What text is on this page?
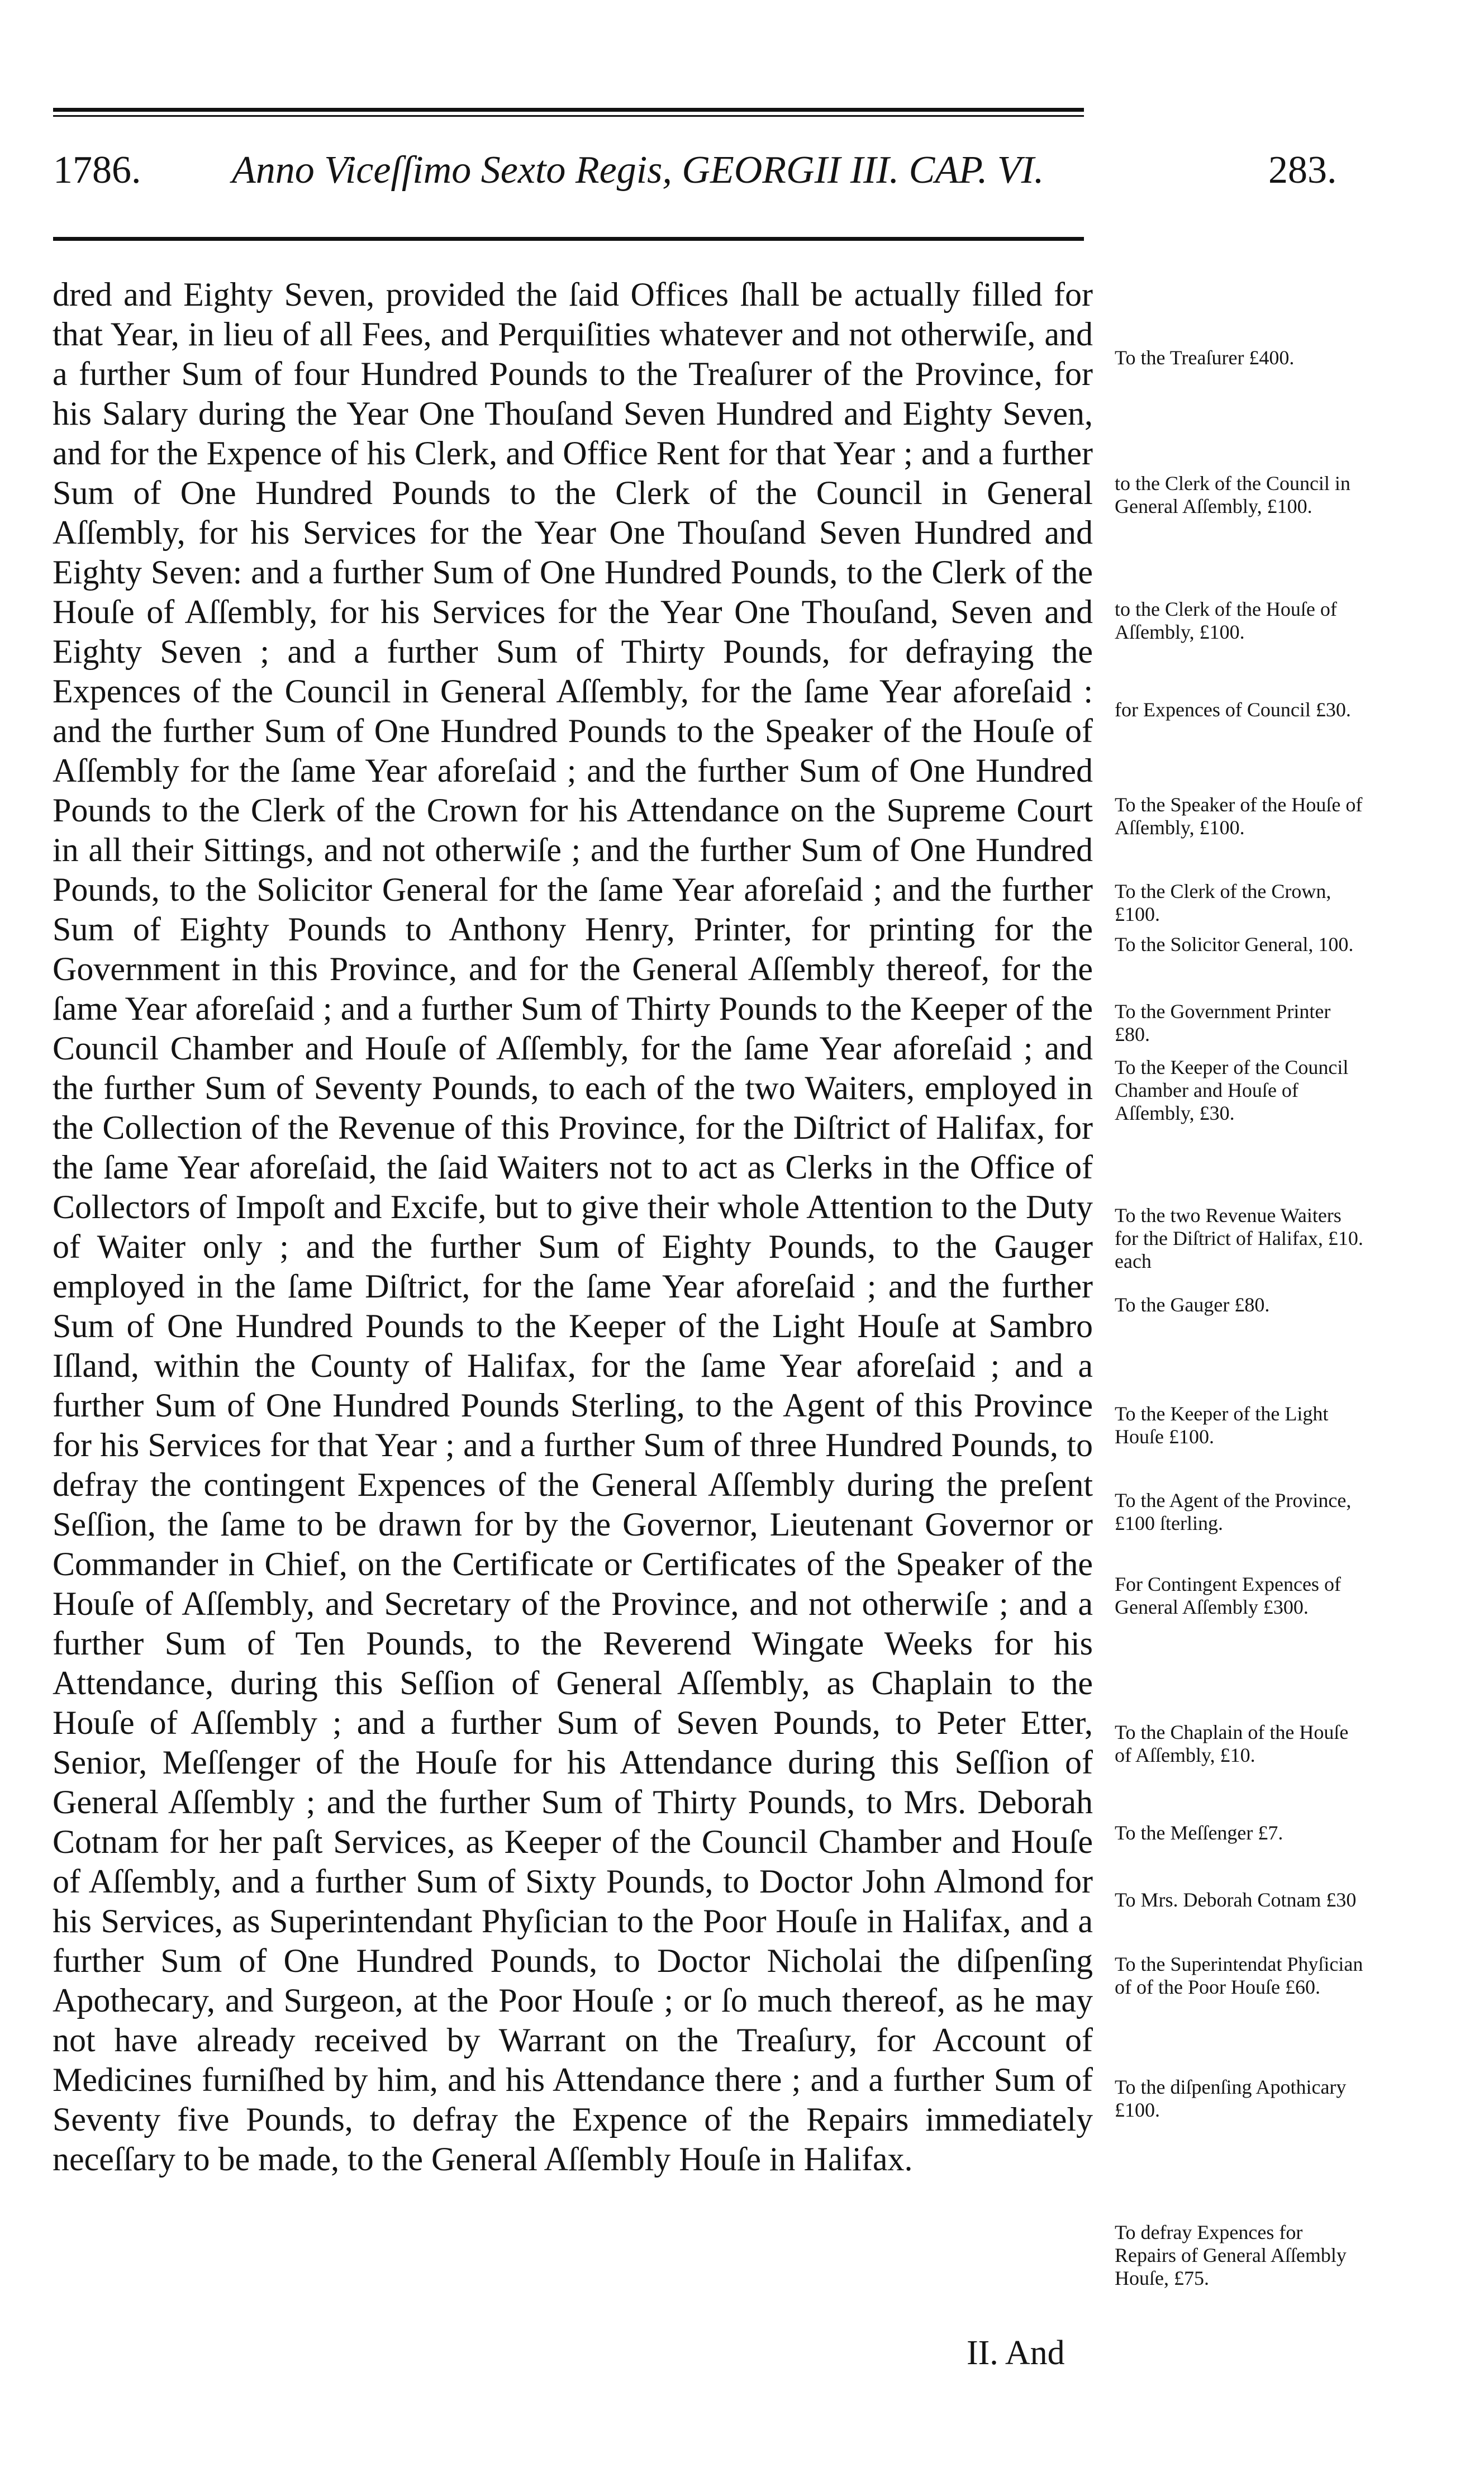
1786. Anno Viceſſimo Sexto Regis, GEORGII III. CAP. VI.	283.

dred and Eighty Seven, provided the ſaid Offices ſhall be actually filled for that Year, in lieu of all Fees, and Perquiſities whatever and not otherwiſe, and a further Sum of four Hundred Pounds to the Treaſurer of the Province, for his Salary during the Year One Thouſand Seven Hundred and Eighty Seven, and for the Expence of his Clerk, and Office Rent for that Year ; and a further Sum of One Hundred Pounds to the Clerk of the Council in General Aſſembly, for his Services for the Year One Thouſand Seven Hundred and Eighty Seven: and a further Sum of One Hundred Pounds, to the Clerk of the Houſe of Aſſembly, for his Services for the Year One Thouſand, Seven and Eighty Seven ; and a further Sum of Thirty Pounds, for defraying the Expences of the Council in General Aſſembly, for the ſame Year aforeſaid : and the further Sum of One Hundred Pounds to the Speaker of the Houſe of Aſſembly for the ſame Year aforeſaid ; and the further Sum of One Hundred Pounds to the Clerk of the Crown for his Attendance on the Supreme Court in all their Sittings, and not otherwiſe ; and the further Sum of One Hundred Pounds, to the Solicitor General for the ſame Year aforeſaid ; and the further Sum of Eighty Pounds to Anthony Henry, Printer, for printing for the Government in this Province, and for the General Aſſembly thereof, for the ſame Year aforeſaid ; and a further Sum of Thirty Pounds to the Keeper of the Council Chamber and Houſe of Aſſembly, for the ſame Year aforeſaid ; and the further Sum of Seventy Pounds, to each of the two Waiters, employed in the Collection of the Revenue of this Province, for the Diſtrict of Halifax, for the ſame Year aforeſaid, the ſaid Waiters not to act as Clerks in the Office of Collectors of Impoſt and Excife, but to give their whole Attention to the Duty of Waiter only ; and the further Sum of Eighty Pounds, to the Gauger employed in the ſame Diſtrict, for the ſame Year aforeſaid ; and the further Sum of One Hundred Pounds to the Keeper of the Light Houſe at Sambro Iſland, within the County of Halifax, for the ſame Year aforeſaid ; and a further Sum of One Hundred Pounds Sterling, to the Agent of this Province for his Services for that Year ; and a further Sum of three Hundred Pounds, to defray the contingent Expences of the General Aſſembly during the preſent Seſſion, the ſame to be drawn for by the Governor, Lieutenant Governor or Commander in Chief, on the Certificate or Certificates of the Speaker of the Houſe of Aſſembly, and Secretary of the Province, and not otherwiſe ; and a further Sum of Ten Pounds, to the Reverend Wingate Weeks for his Attendance, during this Seſſion of General Aſſembly, as Chaplain to the Houſe of Aſſembly ; and a further Sum of Seven Pounds, to Peter Etter, Senior, Meſſenger of the Houſe for his Attendance during this Seſſion of General Aſſembly ; and the further Sum of Thirty Pounds, to Mrs. Deborah Cotnam for her paſt Services, as Keeper of the Council Chamber and Houſe of Aſſembly, and a further Sum of Sixty Pounds, to Doctor John Almond for his Services, as Superintendant Phyſician to the Poor Houſe in Halifax, and a further Sum of One Hundred Pounds, to Doctor Nicholai the diſpenſing Apothecary, and Surgeon, at the Poor Houſe ; or ſo much thereof, as he may not have already received by Warrant on the Treaſury, for Account of Medicines furniſhed by him, and his Attendance there ; and a further Sum of Seventy five Pounds, to defray the Expence of the Repairs immediately neceſſary to be made, to the General Aſſembly Houſe in Halifax.

To the Treaſurer £400.
to the Clerk of the Council in General Aſſembly, £100.
to the Clerk of the Houſe of Aſſembly, £100.
for Expences of Council £30.
To the Speaker of the Houſe of Aſſembly, £100.
To the Clerk of the Crown, £100.
To the Solicitor General, 100.
To the Government Printer £80.
To the Keeper of the Council Chamber and Houſe of Aſſembly, £30.
To the two Revenue Waiters for the Diſtrict of Halifax, £10. each
To the Gauger £80.
To the Keeper of the Light Houſe £100.
To the Agent of the Province, £100 ſterling.
For Contingent Expences of General Aſſembly £300.
To the Chaplain of the Houſe of Aſſembly, £10.
To the Meſſenger £7.
To Mrs. Deborah Cotnam £30
To the Superintendat Phyſician of of the Poor Houſe £60.
To the diſpenſing Apothicary £100.
To defray Expences for Repairs of General Aſſembly Houſe, £75.
II. And
